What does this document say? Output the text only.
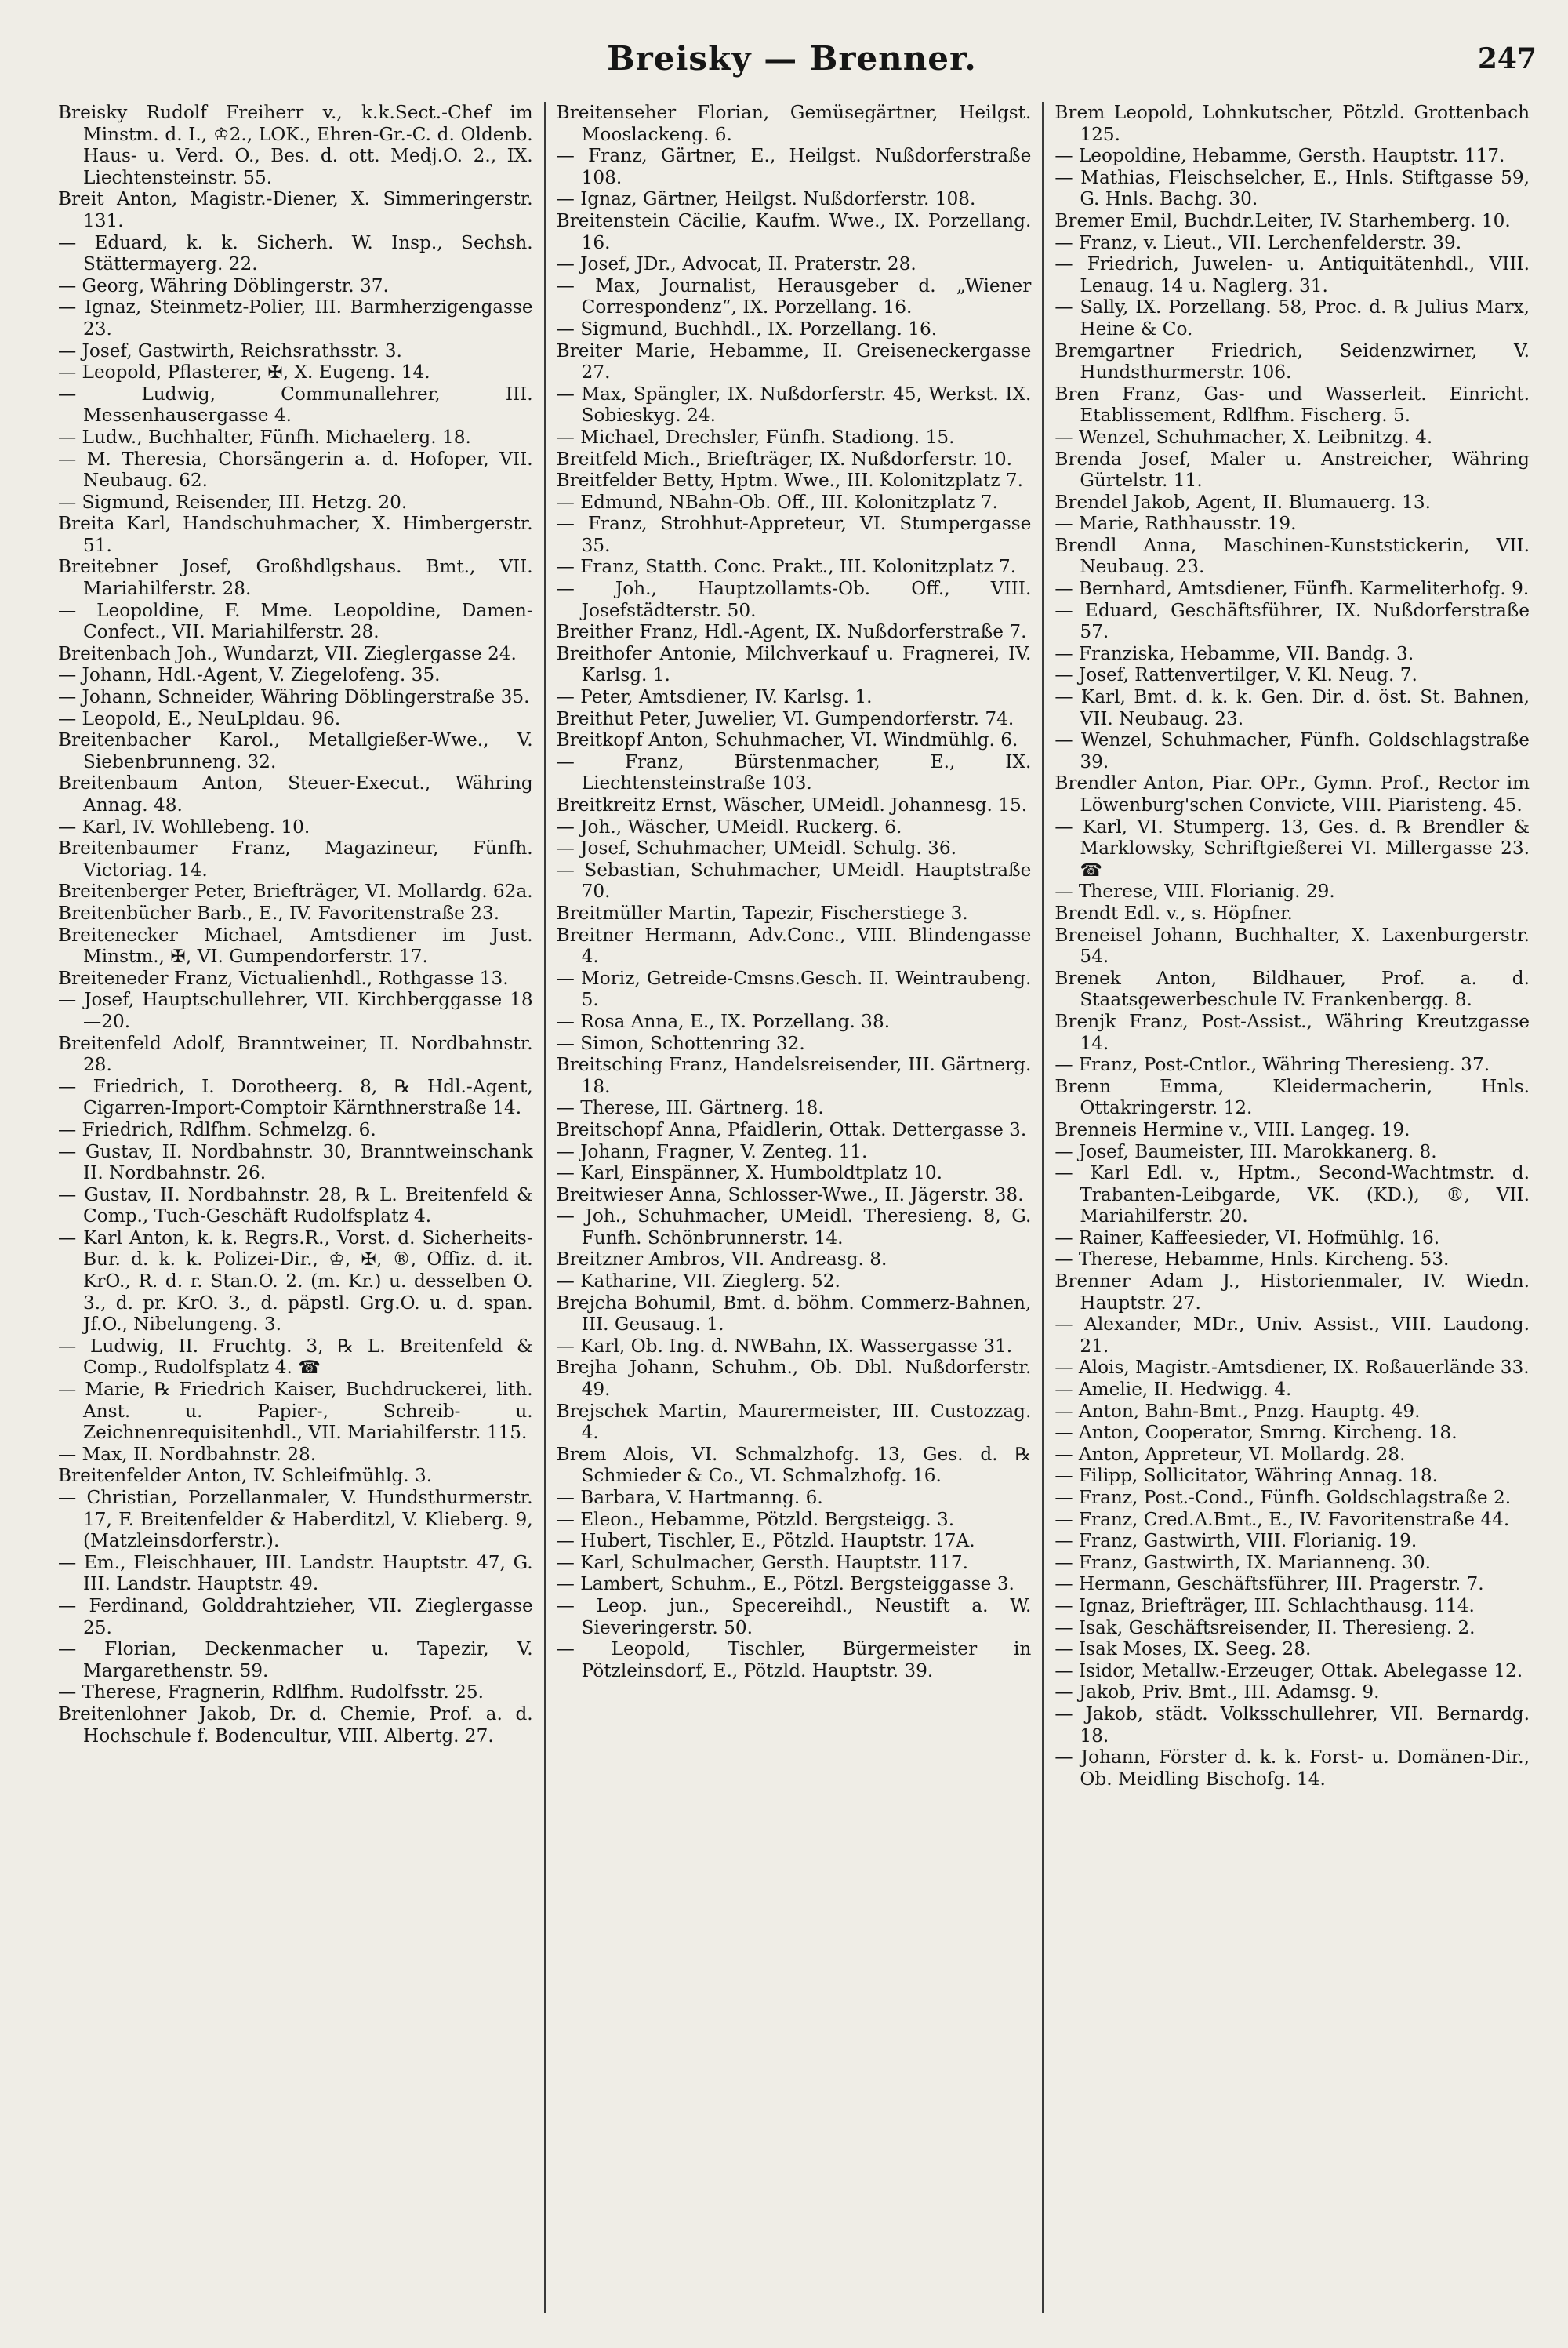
Breisky — Brenner.	247

Breisky Rudolf Freiherr v., k.k.Sect.-Chef im Minstm. d. I., ♔2., LOK., Ehren-Gr.-C. d. Oldenb. Haus- u. Verd. O., Bes. d. ott. Medj.O. 2., IX. Liechtensteinstr. 55.

Breit Anton, Magistr.-Diener, X. Simmeringerstr. 131.

— Eduard, k. k. Sicherh. W. Insp., Sechsh. Stättermayerg. 22.

— Georg, Währing Döblingerstr. 37.

— Ignaz, Steinmetz-Polier, III. Barmherzigengasse 23.

— Josef, Gastwirth, Reichsrathsstr. 3.

— Leopold, Pflasterer, ✠, X. Eugeng. 14.

— Ludwig, Communallehrer, III. Messenhausergasse 4.

— Ludw., Buchhalter, Fünfh. Michaelerg. 18.

— M. Theresia, Chorsängerin a. d. Hofoper, VII. Neubaug. 62.

— Sigmund, Reisender, III. Hetzg. 20.

Breita Karl, Handschuhmacher, X. Himbergerstr. 51.

Breitebner Josef, Großhdlgshaus. Bmt., VII. Mariahilferstr. 28.

— Leopoldine, F. Mme. Leopoldine, Damen-Confect., VII. Mariahilferstr. 28.

Breitenbach Joh., Wundarzt, VII. Zieglergasse 24.

— Johann, Hdl.-Agent, V. Ziegelofeng. 35.

— Johann, Schneider, Währing Döblingerstraße 35.

— Leopold, E., NeuLpldau. 96.

Breitenbacher Karol., Metallgießer-Wwe., V. Siebenbrunneng. 32.

Breitenbaum Anton, Steuer-Execut., Währing Annag. 48.

— Karl, IV. Wohllebeng. 10.

Breitenbaumer Franz, Magazineur, Fünfh. Victoriag. 14.

Breitenberger Peter, Briefträger, VI. Mollardg. 62a.

Breitenbücher Barb., E., IV. Favoritenstraße 23.

Breitenecker Michael, Amtsdiener im Just. Minstm., ✠, VI. Gumpendorferstr. 17.

Breiteneder Franz, Victualienhdl., Rothgasse 13.

— Josef, Hauptschullehrer, VII. Kirchberggasse 18—20.

Breitenfeld Adolf, Branntweiner, II. Nordbahnstr. 28.

— Friedrich, I. Dorotheerg. 8, ℞ Hdl.-Agent, Cigarren-Import-Comptoir Kärnthnerstraße 14.

— Friedrich, Rdlfhm. Schmelzg. 6.

— Gustav, II. Nordbahnstr. 30, Branntweinschank II. Nordbahnstr. 26.

— Gustav, II. Nordbahnstr. 28, ℞ L. Breitenfeld & Comp., Tuch-Geschäft Rudolfsplatz 4.

— Karl Anton, k. k. Regrs.R., Vorst. d. Sicherheits-Bur. d. k. k. Polizei-Dir., ♔, ✠, ®, Offiz. d. it. KrO., R. d. r. Stan.O. 2. (m. Kr.) u. desselben O. 3., d. pr. KrO. 3., d. päpstl. Grg.O. u. d. span. Jf.O., Nibelungeng. 3.

— Ludwig, II. Fruchtg. 3, ℞ L. Breitenfeld & Comp., Rudolfsplatz 4. ☎

— Marie, ℞ Friedrich Kaiser, Buchdruckerei, lith. Anst. u. Papier-, Schreib- u. Zeichnenrequisitenhdl., VII. Mariahilferstr. 115.

— Max, II. Nordbahnstr. 28.

Breitenfelder Anton, IV. Schleifmühlg. 3.

— Christian, Porzellanmaler, V. Hundsthurmerstr. 17, F. Breitenfelder & Haberditzl, V. Klieberg. 9, (Matzleinsdorferstr.).

— Em., Fleischhauer, III. Landstr. Hauptstr. 47, G. III. Landstr. Hauptstr. 49.

— Ferdinand, Golddrahtzieher, VII. Zieglergasse 25.

— Florian, Deckenmacher u. Tapezir, V. Margarethenstr. 59.

— Therese, Fragnerin, Rdlfhm. Rudolfsstr. 25.

Breitenlohner Jakob, Dr. d. Chemie, Prof. a. d. Hochschule f. Bodencultur, VIII. Albertg. 27.

Breitenseher Florian, Gemüsegärtner, Heilgst. Mooslackeng. 6.

— Franz, Gärtner, E., Heilgst. Nußdorferstraße 108.

— Ignaz, Gärtner, Heilgst. Nußdorferstr. 108.

Breitenstein Cäcilie, Kaufm. Wwe., IX. Porzellang. 16.

— Josef, JDr., Advocat, II. Praterstr. 28.

— Max, Journalist, Herausgeber d. „Wiener Correspondenz“, IX. Porzellang. 16.

— Sigmund, Buchhdl., IX. Porzellang. 16.

Breiter Marie, Hebamme, II. Greiseneckergasse 27.

— Max, Spängler, IX. Nußdorferstr. 45, Werkst. IX. Sobieskyg. 24.

— Michael, Drechsler, Fünfh. Stadiong. 15.

Breitfeld Mich., Briefträger, IX. Nußdorferstr. 10.

Breitfelder Betty, Hptm. Wwe., III. Kolonitzplatz 7.

— Edmund, NBahn-Ob. Off., III. Kolonitzplatz 7.

— Franz, Strohhut-Appreteur, VI. Stumpergasse 35.

— Franz, Statth. Conc. Prakt., III. Kolonitzplatz 7.

— Joh., Hauptzollamts-Ob. Off., VIII. Josefstädterstr. 50.

Breither Franz, Hdl.-Agent, IX. Nußdorferstraße 7.

Breithofer Antonie, Milchverkauf u. Fragnerei, IV. Karlsg. 1.

— Peter, Amtsdiener, IV. Karlsg. 1.

Breithut Peter, Juwelier, VI. Gumpendorferstr. 74.

Breitkopf Anton, Schuhmacher, VI. Windmühlg. 6.

— Franz, Bürstenmacher, E., IX. Liechtensteinstraße 103.

Breitkreitz Ernst, Wäscher, UMeidl. Johannesg. 15.

— Joh., Wäscher, UMeidl. Ruckerg. 6.

— Josef, Schuhmacher, UMeidl. Schulg. 36.

— Sebastian, Schuhmacher, UMeidl. Hauptstraße 70.

Breitmüller Martin, Tapezir, Fischerstiege 3.

Breitner Hermann, Adv.Conc., VIII. Blindengasse 4.

— Moriz, Getreide-Cmsns.Gesch. II. Weintraubeng. 5.

— Rosa Anna, E., IX. Porzellang. 38.

— Simon, Schottenring 32.

Breitsching Franz, Handelsreisender, III. Gärtnerg. 18.

— Therese, III. Gärtnerg. 18.

Breitschopf Anna, Pfaidlerin, Ottak. Dettergasse 3.

— Johann, Fragner, V. Zenteg. 11.

— Karl, Einspänner, X. Humboldtplatz 10.

Breitwieser Anna, Schlosser-Wwe., II. Jägerstr. 38.

— Joh., Schuhmacher, UMeidl. Theresieng. 8, G. Funfh. Schönbrunnerstr. 14.

Breitzner Ambros, VII. Andreasg. 8.

— Katharine, VII. Zieglerg. 52.

Brejcha Bohumil, Bmt. d. böhm. Commerz-Bahnen, III. Geusaug. 1.

— Karl, Ob. Ing. d. NWBahn, IX. Wassergasse 31.

Brejha Johann, Schuhm., Ob. Dbl. Nußdorferstr. 49.

Brejschek Martin, Maurermeister, III. Custozzag. 4.

Brem Alois, VI. Schmalzhofg. 13, Ges. d. ℞ Schmieder & Co., VI. Schmalzhofg. 16.

— Barbara, V. Hartmanng. 6.

— Eleon., Hebamme, Pötzld. Bergsteigg. 3.

— Hubert, Tischler, E., Pötzld. Hauptstr. 17A.

— Karl, Schulmacher, Gersth. Hauptstr. 117.

— Lambert, Schuhm., E., Pötzl. Bergsteiggasse 3.

— Leop. jun., Specereihdl., Neustift a. W. Sieveringerstr. 50.

— Leopold, Tischler, Bürgermeister in Pötzleinsdorf, E., Pötzld. Hauptstr. 39.

Brem Leopold, Lohnkutscher, Pötzld. Grottenbach 125.

— Leopoldine, Hebamme, Gersth. Hauptstr. 117.

— Mathias, Fleischselcher, E., Hnls. Stiftgasse 59, G. Hnls. Bachg. 30.

Bremer Emil, Buchdr.Leiter, IV. Starhemberg. 10.

— Franz, v. Lieut., VII. Lerchenfelderstr. 39.

— Friedrich, Juwelen- u. Antiquitätenhdl., VIII. Lenaug. 14 u. Naglerg. 31.

— Sally, IX. Porzellang. 58, Proc. d. ℞ Julius Marx, Heine & Co.

Bremgartner Friedrich, Seidenzwirner, V. Hundsthurmerstr. 106.

Bren Franz, Gas- und Wasserleit. Einricht. Etablissement, Rdlfhm. Fischerg. 5.

— Wenzel, Schuhmacher, X. Leibnitzg. 4.

Brenda Josef, Maler u. Anstreicher, Währing Gürtelstr. 11.

Brendel Jakob, Agent, II. Blumauerg. 13.

— Marie, Rathhausstr. 19.

Brendl Anna, Maschinen-Kunststickerin, VII. Neubaug. 23.

— Bernhard, Amtsdiener, Fünfh. Karmeliterhofg. 9.

— Eduard, Geschäftsführer, IX. Nußdorferstraße 57.

— Franziska, Hebamme, VII. Bandg. 3.

— Josef, Rattenvertilger, V. Kl. Neug. 7.

— Karl, Bmt. d. k. k. Gen. Dir. d. öst. St. Bahnen, VII. Neubaug. 23.

— Wenzel, Schuhmacher, Fünfh. Goldschlagstraße 39.

Brendler Anton, Piar. OPr., Gymn. Prof., Rector im Löwenburg'schen Convicte, VIII. Piaristeng. 45.

— Karl, VI. Stumperg. 13, Ges. d. ℞ Brendler & Marklowsky, Schriftgießerei VI. Millergasse 23. ☎

— Therese, VIII. Florianig. 29.

Brendt Edl. v., s. Höpfner.

Breneisel Johann, Buchhalter, X. Laxenburgerstr. 54.

Brenek Anton, Bildhauer, Prof. a. d. Staatsgewerbeschule IV. Frankenbergg. 8.

Brenjk Franz, Post-Assist., Währing Kreutzgasse 14.

— Franz, Post-Cntlor., Währing Theresieng. 37.

Brenn Emma, Kleidermacherin, Hnls. Ottakringerstr. 12.

Brenneis Hermine v., VIII. Langeg. 19.

— Josef, Baumeister, III. Marokkanerg. 8.

— Karl Edl. v., Hptm., Second-Wachtmstr. d. Trabanten-Leibgarde, VK. (KD.), ®, VII. Mariahilferstr. 20.

— Rainer, Kaffeesieder, VI. Hofmühlg. 16.

— Therese, Hebamme, Hnls. Kircheng. 53.

Brenner Adam J., Historienmaler, IV. Wiedn. Hauptstr. 27.

— Alexander, MDr., Univ. Assist., VIII. Laudong. 21.

— Alois, Magistr.-Amtsdiener, IX. Roßauerlände 33.

— Amelie, II. Hedwigg. 4.

— Anton, Bahn-Bmt., Pnzg. Hauptg. 49.

— Anton, Cooperator, Smrng. Kircheng. 18.

— Anton, Appreteur, VI. Mollardg. 28.

— Filipp, Sollicitator, Währing Annag. 18.

— Franz, Post.-Cond., Fünfh. Goldschlagstraße 2.

— Franz, Cred.A.Bmt., E., IV. Favoritenstraße 44.

— Franz, Gastwirth, VIII. Florianig. 19.

— Franz, Gastwirth, IX. Marianneng. 30.

— Hermann, Geschäftsführer, III. Pragerstr. 7.

— Ignaz, Briefträger, III. Schlachthausg. 114.

— Isak, Geschäftsreisender, II. Theresieng. 2.

— Isak Moses, IX. Seeg. 28.

— Isidor, Metallw.-Erzeuger, Ottak. Abelegasse 12.

— Jakob, Priv. Bmt., III. Adamsg. 9.

— Jakob, städt. Volksschullehrer, VII. Bernardg. 18.

— Johann, Förster d. k. k. Forst- u. Domänen-Dir., Ob. Meidling Bischofg. 14.
